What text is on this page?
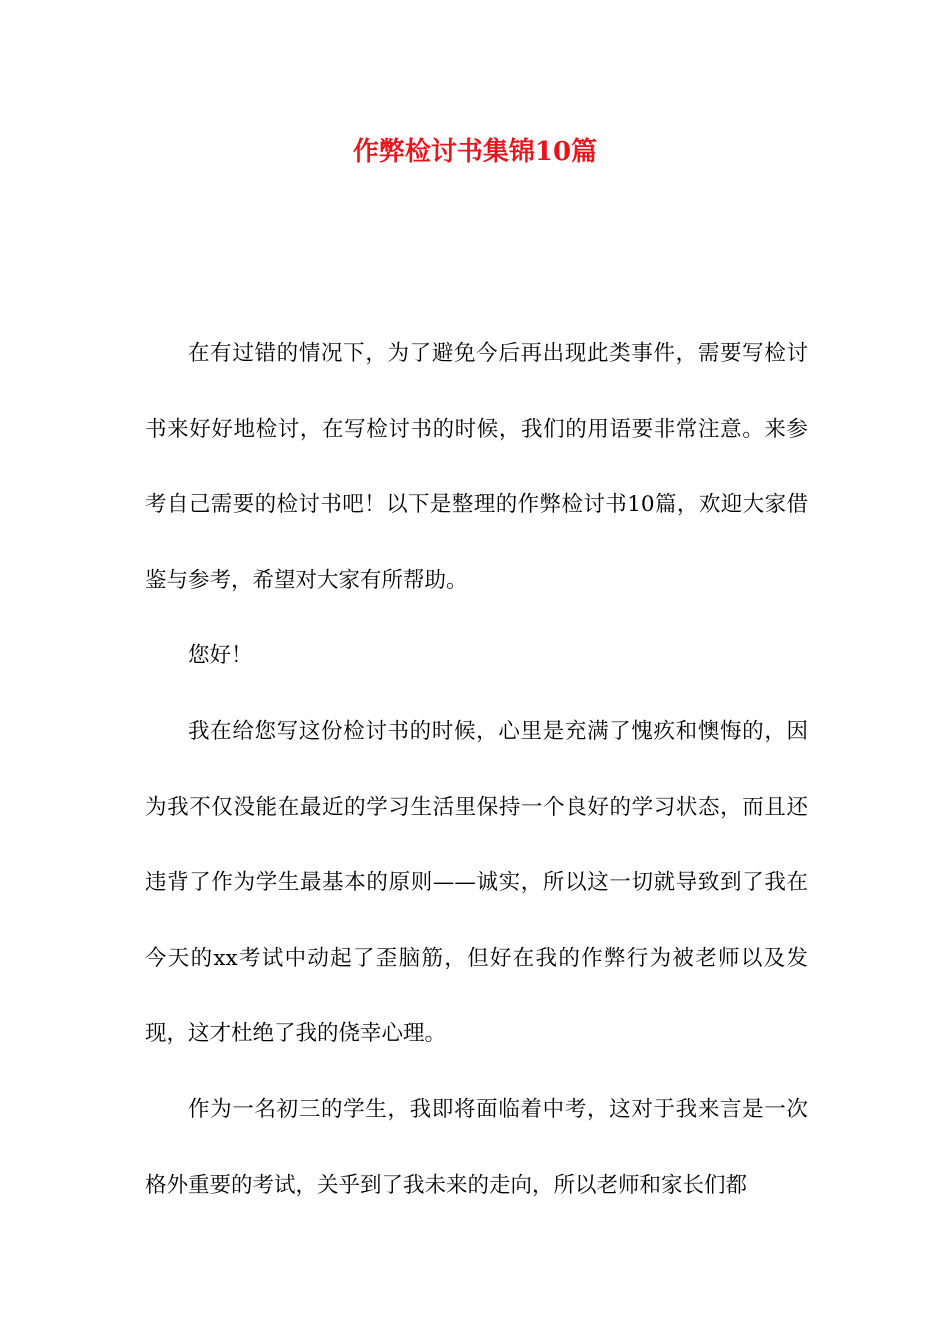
作弊检讨书集锦10篇

在有过错的情况下，为了避免今后再出现此类事件，需要写检讨书来好好地检讨，在写检讨书的时候，我们的用语要非常注意。来参考自己需要的检讨书吧！以下是整理的作弊检讨书10篇，欢迎大家借鉴与参考，希望对大家有所帮助。

您好！

我在给您写这份检讨书的时候，心里是充满了愧疚和懊悔的，因为我不仅没能在最近的学习生活里保持一个良好的学习状态，而且还违背了作为学生最基本的原则——诚实，所以这一切就导致到了我在今天的xx考试中动起了歪脑筋，但好在我的作弊行为被老师以及发现，这才杜绝了我的侥幸心理。

作为一名初三的学生，我即将面临着中考，这对于我来言是一次格外重要的考试，关乎到了我未来的走向，所以老师和家长们都
